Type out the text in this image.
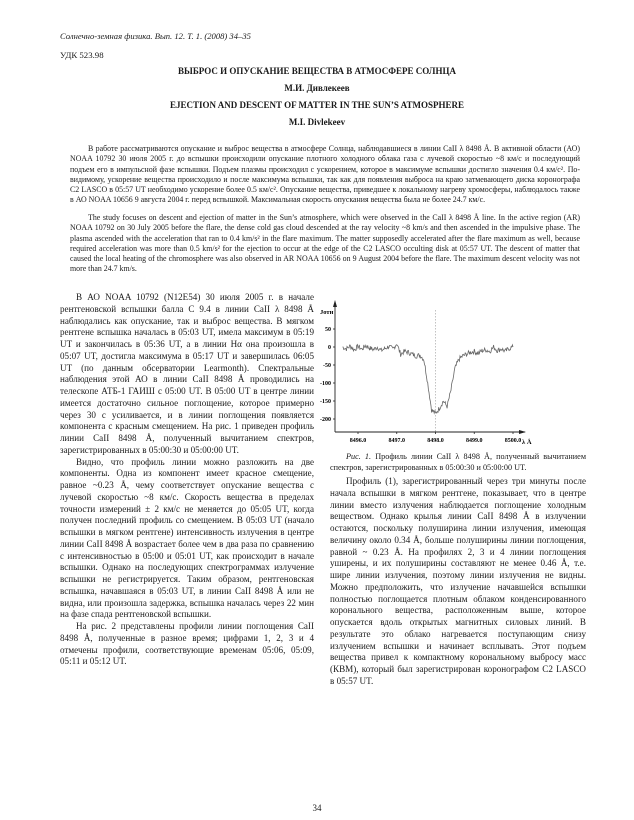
Солнечно-земная физика. Вып. 12. Т. 1. (2008) 34–35
УДК 523.98
ВЫБРОС И ОПУСКАНИЕ ВЕЩЕСТВА В АТМОСФЕРЕ СОЛНЦА
М.И. Дивлекеев
EJECTION AND DESCENT OF MATTER IN THE SUN’S ATMOSPHERE
M.I. Divlekeev

В работе рассматриваются опускание и выброс вещества в атмосфере Солнца, наблюдавшиеся в линии CaII λ 8498 Å. В активной области (АО) NOAA 10792 30 июля 2005 г. до вспышки происходили опускание плотного холодного облака газа с лучевой скоростью ~8 км/с и последующий подъем его в импульсной фазе вспышки. Подъем плазмы происходил с ускорением, которое в максимуме вспышки достигло значения 0.4 км/с². По-видимому, ускорение вещества происходило и после максимума вспышки, так как для появления выброса на краю затмевающего диска коронографа C2 LASCO в 05:57 UT необходимо ускорение более 0.5 км/с². Опускание вещества, приведшее к локальному нагреву хромосферы, наблюдалось также в АО NOAA 10656 9 августа 2004 г. перед вспышкой. Максимальная скорость опускания вещества была не более 24.7 км/с.

The study focuses on descent and ejection of matter in the Sun’s atmosphere, which were observed in the CaII λ 8498 Å line. In the active region (AR) NOAA 10792 on 30 July 2005 before the flare, the dense cold gas cloud descended at the ray velocity ~8 km/s and then ascended in the impulsive phase. The plasma ascended with the acceleration that ran to 0.4 km/s² in the flare maximum. The matter supposedly accelerated after the flare maximum as well, because required acceleration was more than 0.5 km/s² for the ejection to occur at the edge of the C2 LASCO occulting disk at 05:57 UT. The descent of matter that caused the local heating of the chromosphere was also observed in AR NOAA 10656 on 9 August 2004 before the flare. The maximum descent velocity was not more than 24.7 km/s.

В АО NOAA 10792 (N12E54) 30 июля 2005 г. в начале рентгеновской вспышки балла С 9.4 в линии CaII λ 8498 Å наблюдались как опускание, так и выброс вещества. В мягком рентгене вспышка началась в 05:03 UT, имела максимум в 05:19 UT и закончилась в 05:36 UT, а в линии Hα она произошла в 05:07 UT, достигла максимума в 05:17 UT и завершилась 06:05 UT (по данным обсерватории Learmonth). Спектральные наблюдения этой АО в линии CaII 8498 Å проводились на телескопе АТБ-1 ГАИШ с 05:00 UT. В 05:00 UT в центре линии имеется достаточно сильное поглощение, которое примерно через 30 с усиливается, и в линии поглощения появляется компонента с красным смещением. На рис. 1 приведен профиль линии CaII 8498 Å, полученный вычитанием спектров, зарегистрированных в 05:00:30 и 05:00:00 UT.

Видно, что профиль линии можно разложить на две компоненты. Одна из компонент имеет красное смещение, равное ~0.23 Å, чему соответствует опускание вещества с лучевой скоростью ~8 км/с. Скорость вещества в пределах точности измерений ± 2 км/с не меняется до 05:05 UT, когда получен последний профиль со смещением. В 05:03 UT (начало вспышки в мягком рентгене) интенсивность излучения в центре линии CaII 8498 Å возрастает более чем в два раза по сравнению с интенсивностью в 05:00 и 05:01 UT, как происходит в начале вспышки. Однако на последующих спектрограммах излучение вспышки не регистрируется. Таким образом, рентгеновская вспышка, начавшаяся в 05:03 UT, в линии CaII 8498 Å или не видна, или произошла задержка, вспышка началась через 22 мин на фазе спада рентгеновской вспышки.

На рис. 2 представлены профили линии поглощения CaII 8498 Å, полученные в разное время; цифрами 1, 2, 3 и 4 отмечены профили, соответствующие временам 05:06, 05:09, 05:11 и 05:12 UT.

50
0
-50
-100
-150
-200
8496.0	8497.0	8498.0	8499.0	8500.0
Jотн
λ Å
Рис. 1. Профиль линии CaII λ 8498 Å, полученный вычитанием спектров, зарегистрированных в 05:00:30 и 05:00:00 UT.

Профиль (1), зарегистрированный через три минуты после начала вспышки в мягком рентгене, показывает, что в центре линии вместо излучения наблюдается поглощение холодным веществом. Однако крылья линии CaII 8498 Å в излучении остаются, поскольку полуширина линии излучения, имеющая величину около 0.34 Å, больше полуширины линии поглощения, равной ~ 0.23 Å. На профилях 2, 3 и 4 линии поглощения уширены, и их полуширины составляют не менее 0.46 Å, т.е. шире линии излучения, поэтому линии излучения не видны. Можно предположить, что излучение начавшейся вспышки полностью поглощается плотным облаком конденсированного коронального вещества, расположенным выше, которое опускается вдоль открытых магнитных силовых линий. В результате это облако нагревается поступающим снизу излучением вспышки и начинает всплывать. Этот подъем вещества привел к компактному корональному выбросу масс (КВМ), который был зарегистрирован коронографом C2 LASCO в 05:57 UT.

34
